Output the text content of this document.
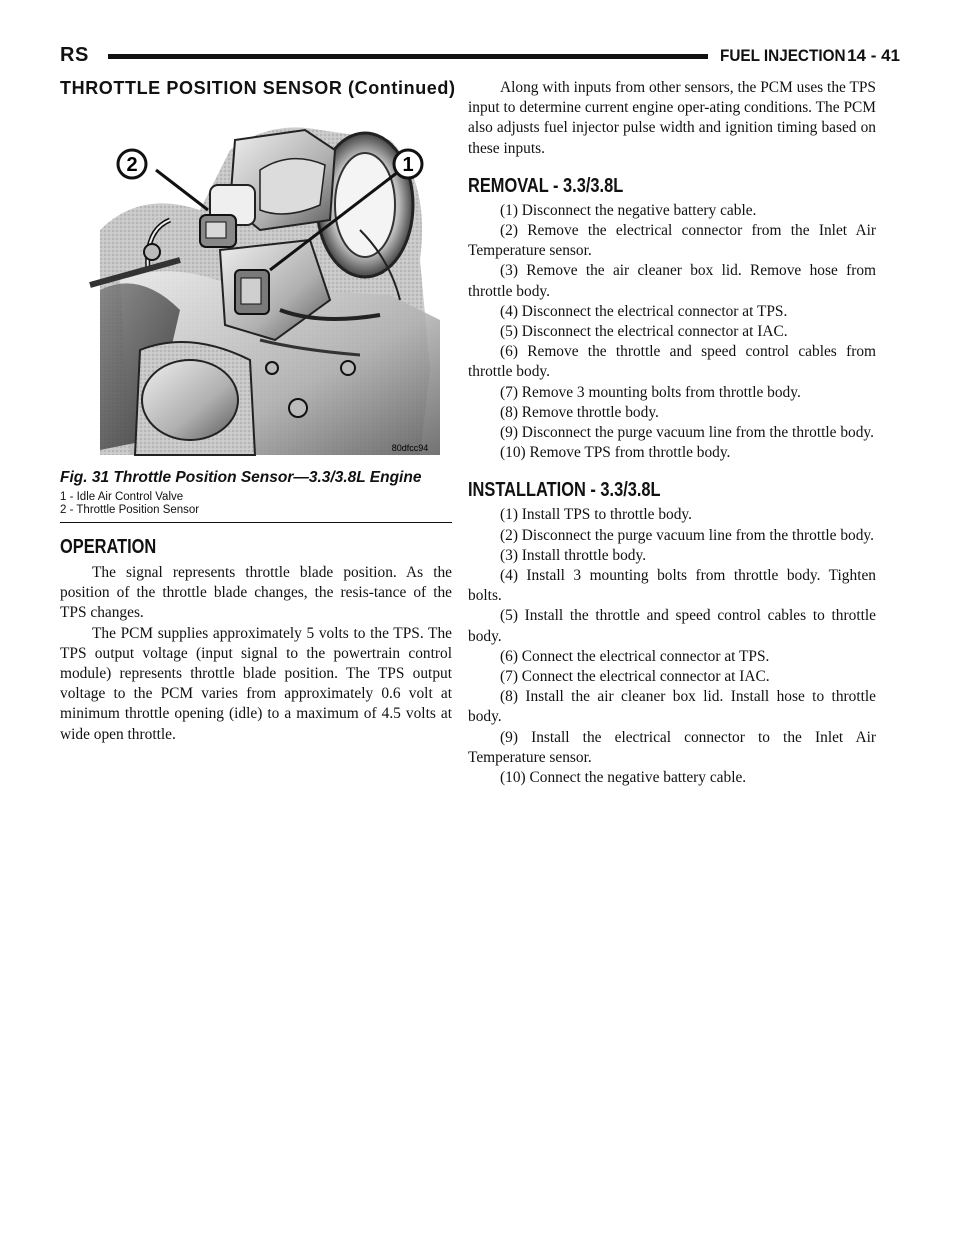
RS	FUEL INJECTION 14 - 41
THROTTLE POSITION SENSOR (Continued)
2	1
80dfcc94
Fig. 31 Throttle Position Sensor—3.3/3.8L Engine
1 - Idle Air Control Valve
2 - Throttle Position Sensor
OPERATION

The signal represents throttle blade position. As the position of the throttle blade changes, the resis-tance of the TPS changes.

The PCM supplies approximately 5 volts to the TPS. The TPS output voltage (input signal to the powertrain control module) represents throttle blade position. The TPS output voltage to the PCM varies from approximately 0.6 volt at minimum throttle opening (idle) to a maximum of 4.5 volts at wide open throttle.

Along with inputs from other sensors, the PCM uses the TPS input to determine current engine oper-ating conditions. The PCM also adjusts fuel injector pulse width and ignition timing based on these inputs.

REMOVAL - 3.3/3.8L

(1) Disconnect the negative battery cable.

(2) Remove the electrical connector from the Inlet Air Temperature sensor.

(3) Remove the air cleaner box lid. Remove hose from throttle body.

(4) Disconnect the electrical connector at TPS.

(5) Disconnect the electrical connector at IAC.

(6) Remove the throttle and speed control cables from throttle body.

(7) Remove 3 mounting bolts from throttle body.

(8) Remove throttle body.

(9) Disconnect the purge vacuum line from the throttle body.

(10) Remove TPS from throttle body.

INSTALLATION - 3.3/3.8L

(1) Install TPS to throttle body.

(2) Disconnect the purge vacuum line from the throttle body.

(3) Install throttle body.

(4) Install 3 mounting bolts from throttle body. Tighten bolts.

(5) Install the throttle and speed control cables to throttle body.

(6) Connect the electrical connector at TPS.

(7) Connect the electrical connector at IAC.

(8) Install the air cleaner box lid. Install hose to throttle body.

(9) Install the electrical connector to the Inlet Air Temperature sensor.

(10) Connect the negative battery cable.
